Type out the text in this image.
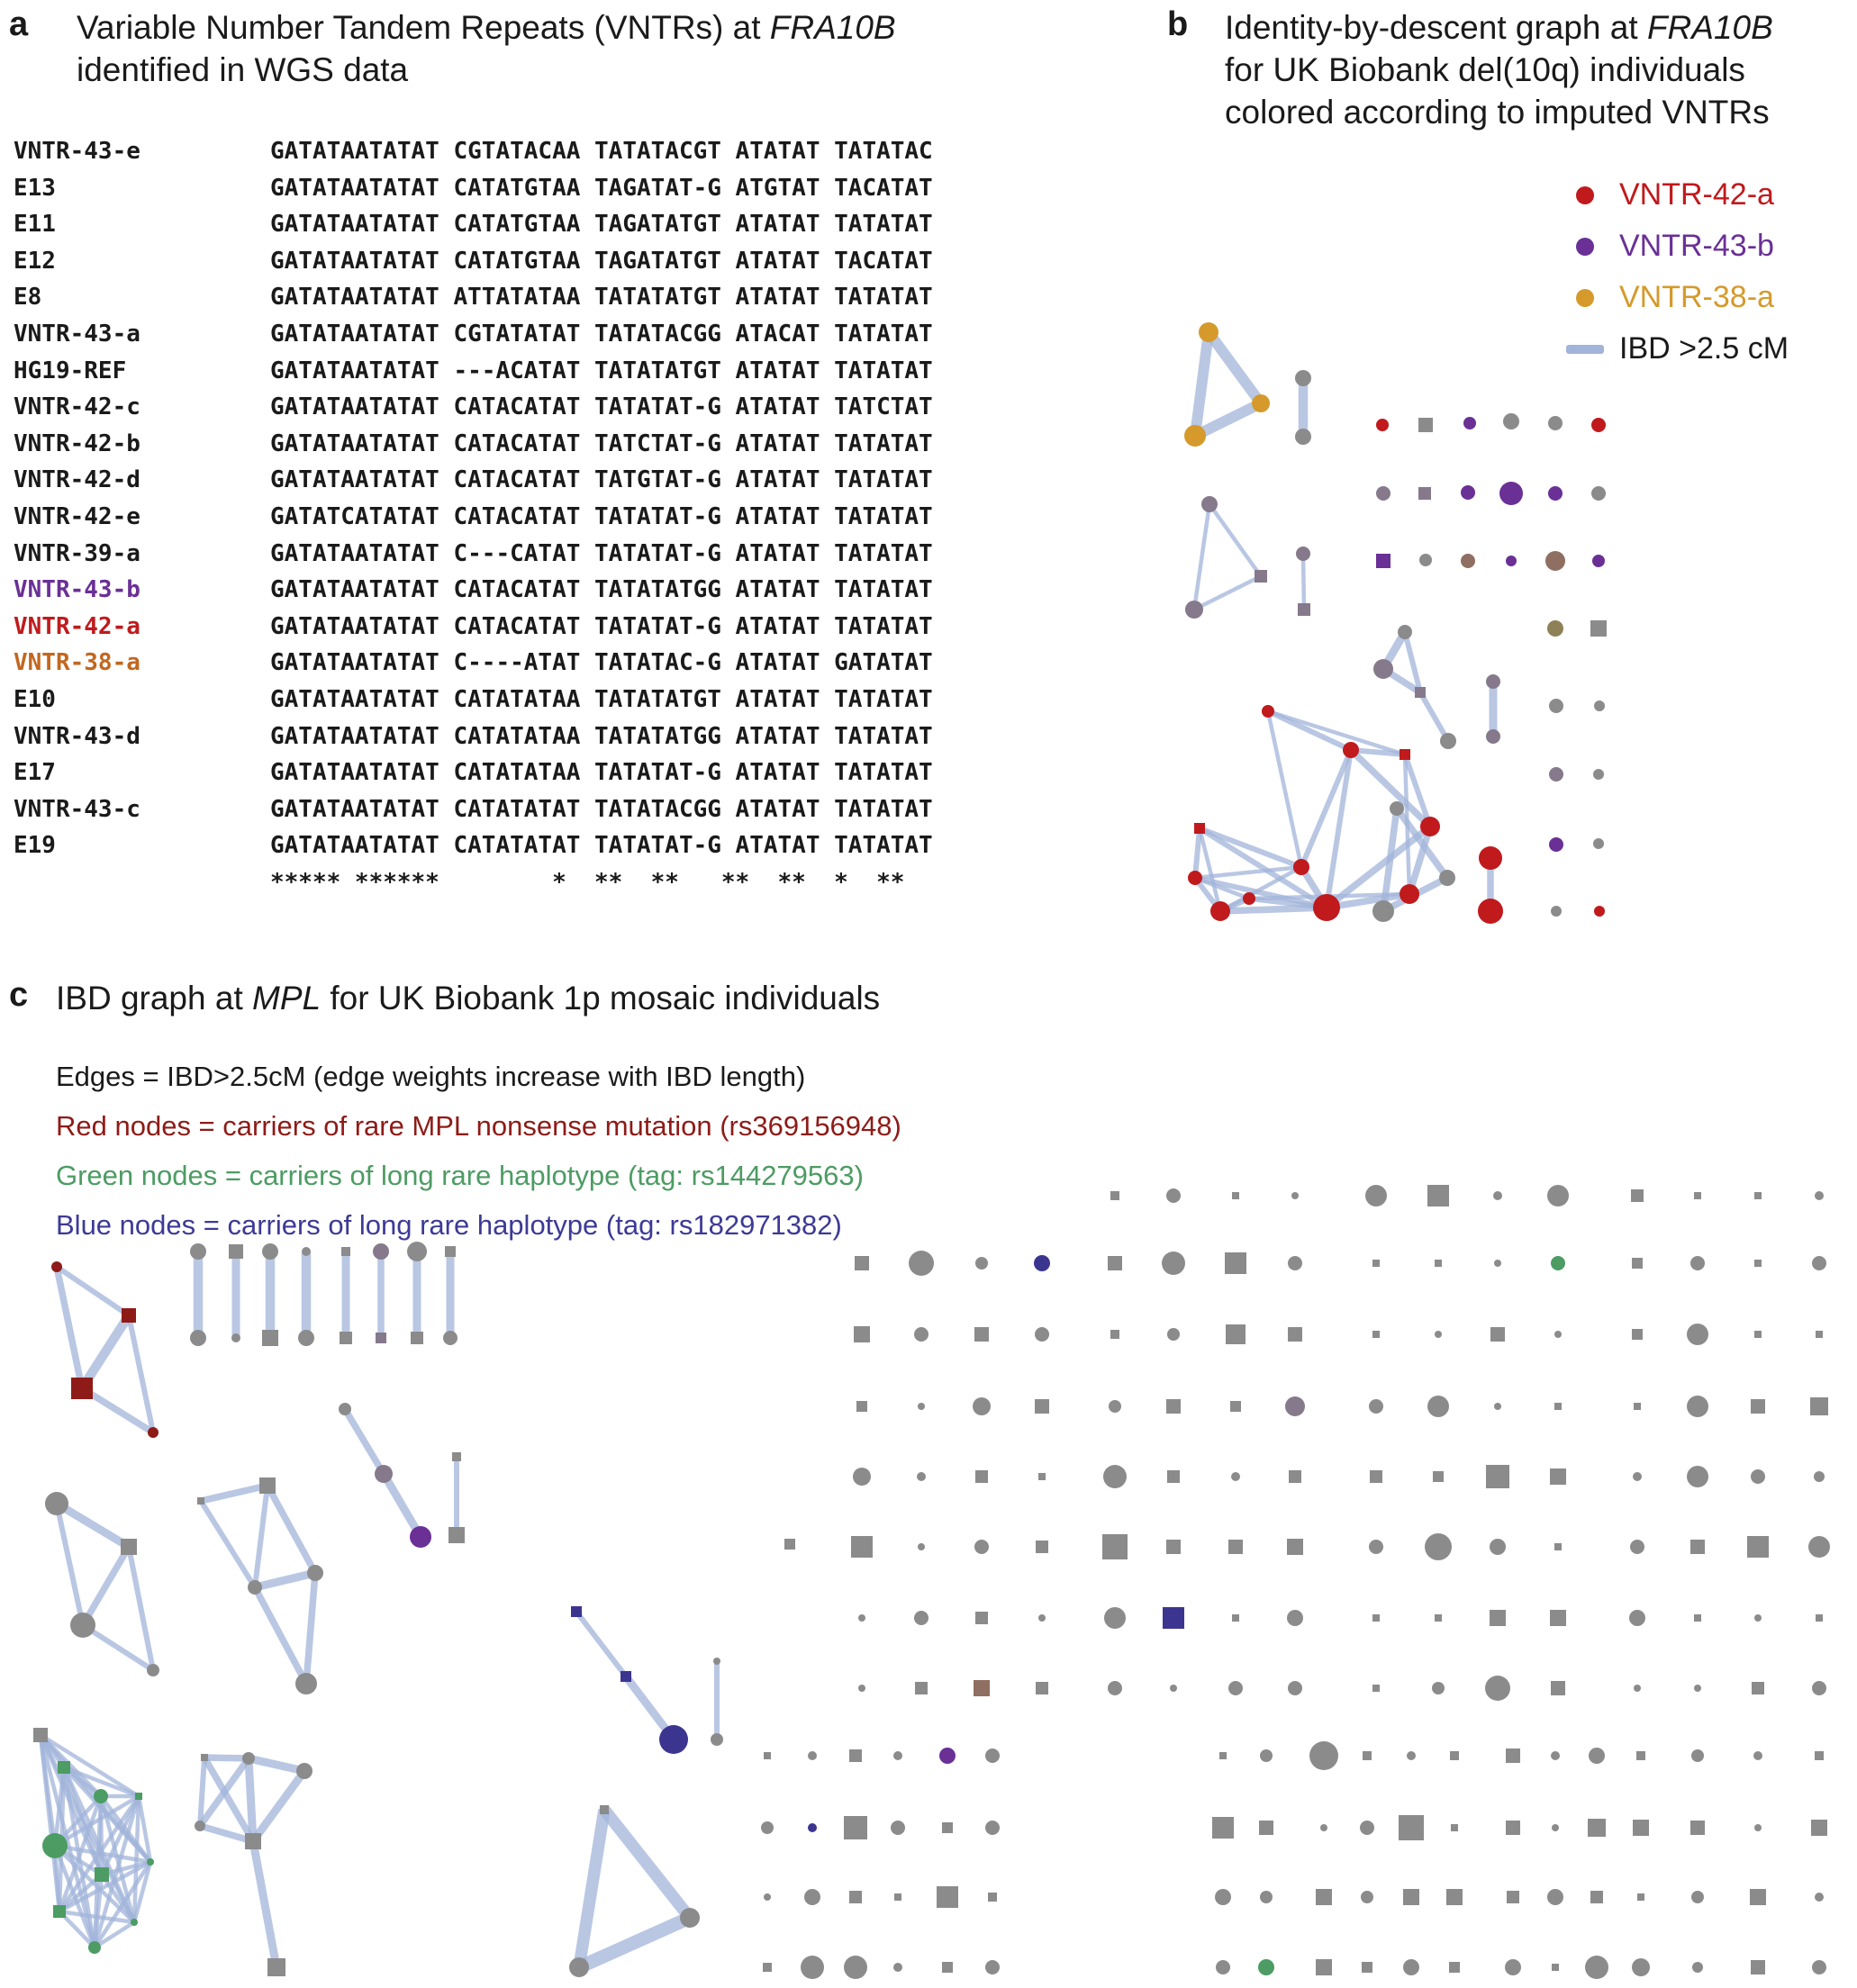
a Variable Number Tandem Repeats (VNTRs) at FRA10B
identified in WGS data
VNTR-43-e	GATATAATATAT CGTATACAA TATATACGT ATATAT TATATAC
E13	GATATAATATAT CATATGTAA TAGATAT-G ATGTAT TACATAT
E11	GATATAATATAT CATATGTAA TAGATATGT ATATAT TATATAT
E12	GATATAATATAT CATATGTAA TAGATATGT ATATAT TACATAT
E8	GATATAATATAT ATTATATAA TATATATGT ATATAT TATATAT
VNTR-43-a	GATATAATATAT CGTATATAT TATATACGG ATACAT TATATAT
HG19-REF	GATATAATATAT ---ACATAT TATATATGT ATATAT TATATAT
VNTR-42-c	GATATAATATAT CATACATAT TATATAT-G ATATAT TATCTAT
VNTR-42-b	GATATAATATAT CATACATAT TATCTAT-G ATATAT TATATAT
VNTR-42-d	GATATAATATAT CATACATAT TATGTAT-G ATATAT TATATAT
VNTR-42-e	GATATCATATAT CATACATAT TATATAT-G ATATAT TATATAT
VNTR-39-a	GATATAATATAT C---CATAT TATATAT-G ATATAT TATATAT
VNTR-43-b	GATATAATATAT CATACATAT TATATATGG ATATAT TATATAT
VNTR-42-a	GATATAATATAT CATACATAT TATATAT-G ATATAT TATATAT
VNTR-38-a	GATATAATATAT C----ATAT TATATAC-G ATATAT GATATAT
E10	GATATAATATAT CATATATAA TATATATGT ATATAT TATATAT
VNTR-43-d	GATATAATATAT CATATATAA TATATATGG ATATAT TATATAT
E17	GATATAATATAT CATATATAA TATATAT-G ATATAT TATATAT
VNTR-43-c	GATATAATATAT CATATATAT TATATACGG ATATAT TATATAT
E19	GATATAATATAT CATATATAT TATATAT-G ATATAT TATATAT
***** ******        *  **  **   **  **  *  **
b Identity-by-descent graph at FRA10B
for UK Biobank del(10q) individuals
colored according to imputed VNTRs
VNTR-42-a
VNTR-43-b
VNTR-38-a
IBD >2.5 cM
c IBD graph at MPL for UK Biobank 1p mosaic individuals
Edges = IBD>2.5cM (edge weights increase with IBD length)
Red nodes = carriers of rare MPL nonsense mutation (rs369156948)
Green nodes = carriers of long rare haplotype (tag: rs144279563)
Blue nodes = carriers of long rare haplotype (tag: rs182971382)
